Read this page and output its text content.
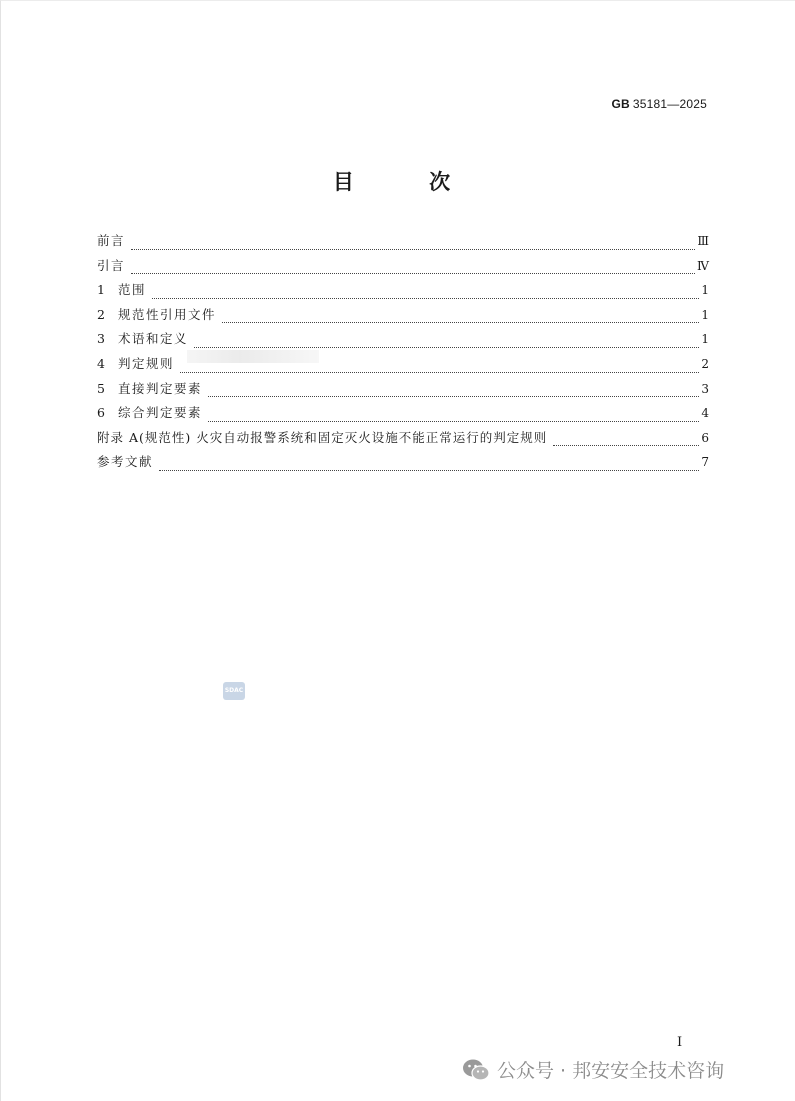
GB 35181—2025
目 次
前言	Ⅲ
引言	Ⅳ
1	范围	1
2	规范性引用文件	1
3	术语和定义	1
4	判定规则	2
5	直接判定要素	3
6	综合判定要素	4
附录 A(规范性) 火灾自动报警系统和固定灭火设施不能正常运行的判定规则	6
参考文献	7
SDAC
I
公众号 · 邦安安全技术咨询
